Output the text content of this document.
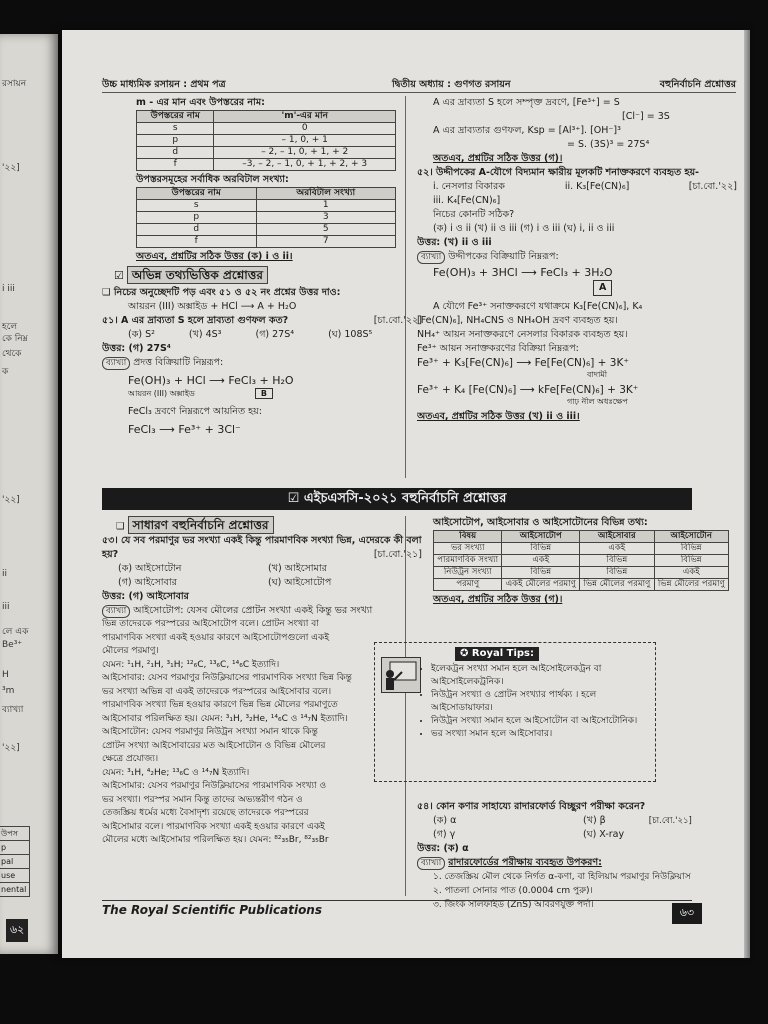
রসায়ন
'২২]
i iii
হলে
কে নিম্ন
থেকে
ক
'২২]
ii
iii
লে এক
Be³⁺
H
³m
ব্যাখ্যা
'২২]
উপস
p
pal
use
nental
৬২
উচ্চ মাধ্যমিক রসায়ন : প্রথম পত্র	দ্বিতীয় অধ্যায় : গুণগত রসায়ন	বহুনির্বাচনি প্রশ্নোত্তর
m - এর মান এবং উপস্তরের নাম:
উপস্তরের নাম	'm'-এর মান
s	0
p	– 1, 0, + 1
d	– 2, – 1, 0, + 1, + 2
f	–3, – 2, – 1, 0, + 1, + 2, + 3
উপস্তরসমূহের সর্বাধিক অরবিটাল সংখ্যা:
উপস্তরের নাম	অরবিটাল সংখ্যা
s	1
p	3
d	5
f	7
অতএব, প্রশ্নটির সঠিক উত্তর (ক) i ও ii।
☑ অভিন্ন তথ্যভিত্তিক প্রশ্নোত্তর
❑ নিচের অনুচ্ছেদটি পড় এবং ৫১ ও ৫২ নং প্রশ্নের উত্তর দাও:
আয়রন (III) অক্সাইড + HCl ⟶ A + H₂O
৫১। A এর দ্রাব্যতা S হলে দ্রাব্যতা গুণফল কত?	[চা.বো.'২২]
(ক) S²	(খ) 4S³	(গ) 27S⁴	(ঘ) 108S⁵
উত্তর: (গ) 27S⁴
ব্যাখ্যা প্রদত্ত বিক্রিয়াটি নিম্নরূপ:
Fe(OH)₃ + HCl ⟶ FeCl₃ + H₂O
আয়রন (III) অক্সাইড	B
FeCl₃ দ্রবণে নিম্নরূপে আয়নিত হয়:
FeCl₃ ⟶ Fe³⁺ + 3Cl⁻
A এর দ্রাব্যতা S হলে সম্পৃক্ত দ্রবণে, [Fe³⁺] = S
[Cl⁻] = 3S
A এর দ্রাব্যতার গুণফল, Ksp = [Al³⁺]. [OH⁻]³
= S. (3S)³ = 27S⁴
অতএব, প্রশ্নটির সঠিক উত্তর (গ)।
৫২। উদ্দীপকের A-যৌগে বিদ্যমান ক্ষারীয় মূলকটি শনাক্তকরণে ব্যবহৃত হয়-
[চা.বো.'২২]
i. নেসলার বিকারক	ii. K₃[Fe(CN)₆]
iii. K₄[Fe(CN)₆]
নিচের কোনটি সঠিক?
(ক) i ও ii (খ) ii ও iii (গ) i ও iii (ঘ) i, ii ও iii
উত্তর: (খ) ii ও iii
ব্যাখ্যা উদ্দীপকের বিক্রিয়াটি নিম্নরূপ:
Fe(OH)₃ + 3HCl ⟶ FeCl₃ + 3H₂O
A
A যৌগে Fe³⁺ সনাক্তকরণে যথাক্রমে K₃[Fe(CN)₆], K₄
[Fe(CN)₆], NH₄CNS ও NH₄OH দ্রবণ ব্যবহৃত হয়।
NH₄⁺ আয়ন সনাক্তকরণে নেসলার বিকারক ব্যবহৃত হয়।
Fe³⁺ আয়ন সনাক্তকরণের বিক্রিয়া নিম্নরূপ:
Fe³⁺ + K₃[Fe(CN)₆] ⟶ Fe[Fe(CN)₆] + 3K⁺
বাদামী
Fe³⁺ + K₄ [Fe(CN)₆] ⟶ kFe[Fe(CN)₆] + 3K⁺
গাঢ় নীল অধঃক্ষেপ
অতএব, প্রশ্নটির সঠিক উত্তর (খ) ii ও iii।
☑ এইচএসসি-২০২১ বহুনির্বাচনি প্রশ্নোত্তর
❑ সাধারণ বহুনির্বাচনি প্রশ্নোত্তর
৫৩। যে সব পরমাণুর ভর সংখ্যা একই কিন্তু পারমাণবিক সংখ্যা ভিন্ন, এদেরকে কী বলা হয়?	[চা.বো.'২১]
(ক) আইসোটোন	(খ) আইসোমার
(গ) আইসোবার	(ঘ) আইসোটোপ
উত্তর: (গ) আইসোবার
ব্যাখ্যা আইসোটোপ: যেসব মৌলের প্রোটন সংখ্যা একই কিন্তু ভর সংখ্যা
ভিন্ন তাদেরকে পরস্পরের আইসোটোপ বলে। প্রোটন সংখ্যা বা
পারমাণবিক সংখ্যা একই হওয়ার কারণে আইসোটোপগুলো একই
মৌলের পরমাণু।
যেমন: ¹₁H, ²₁H, ³₁H; ¹²₆C, ¹³₆C, ¹⁴₆C ইত্যাদি।
আইসোবার: যেসব পরমাণুর নিউক্লিয়াসের পারমাণবিক সংখ্যা ভিন্ন কিন্তু
ভর সংখ্যা অভিন্ন বা একই তাদেরকে পরস্পরের আইসোবার বলে।
পারমাণবিক সংখ্যা ভিন্ন হওয়ার কারণে ভিন্ন ভিন্ন মৌলের পরমাণুতে
আইসোবার পরিলক্ষিত হয়। যেমন: ³₁H, ³₂He, ¹⁴₆C ও ¹⁴₇N ইত্যাদি।
আইসোটোন: যেসব পরমাণুর নিউট্রন সংখ্যা সমান থাকে কিন্তু
প্রোটন সংখ্যা আইসোবারের মত আইসোটোন ও বিভিন্ন মৌলের
ক্ষেত্রে প্রযোজ্য।
যেমন: ³₁H, ⁴₂He; ¹³₆C ও ¹⁴₇N ইত্যাদি।
আইসোমার: যেসব পরমাণুর নিউক্লিয়াসের পারমাণবিক সংখ্যা ও
ভর সংখ্যা। পরস্পর সমান কিন্তু তাদের অভ্যন্তরীণ গঠন ও
তেজস্ক্রিয় ধর্মের মধ্যে বৈসাদৃশ্য রয়েছে তাদেরকে পরস্পরের
আইসোমার বলে। পারমাণবিক সংখ্যা একই হওয়ার কারণে একই
মৌলের মধ্যে আইসোমার পরিলক্ষিত হয়। যেমন: ⁸²₃₅Br, ⁸²₃₅Br
আইসোটোপ, আইসোবার ও আইসোটোনের বিভিন্ন তথ্য:
বিষয়	আইসোটোপ	আইসোবার	আইসোটোন
ভর সংখ্যা	বিভিন্ন	একই	বিভিন্ন
পারমাণবিক সংখ্যা	একই	বিভিন্ন	বিভিন্ন
নিউট্রন সংখ্যা	বিভিন্ন	বিভিন্ন	একই
পরমাণু	একই মৌলের পরমাণু	ভিন্ন মৌলের পরমাণু	ভিন্ন মৌলের পরমাণু
অতএব, প্রশ্নটির সঠিক উত্তর (গ)।
✪ Royal Tips:
• ইলেকট্রন সংখ্যা সমান হলে আইসোইলেকট্রন বা আইসোইলেকট্রনিক।
• নিউট্রন সংখ্যা ও প্রোটন সংখ্যার পার্থক্য । হলে আইসোডায়াফার।
• নিউট্রন সংখ্যা সমান হলে আইসোটোন বা আইসোটোনিক।
• ভর সংখ্যা সমান হলে আইসোবার।
৫৪। কোন কণার সাহায্যে রাদারফোর্ড বিচ্ছুরণ পরীক্ষা করেন?
(ক) α	(খ) β	[চা.বো.'২১]
(গ) γ	(ঘ) X-ray
উত্তর: (ক) α
ব্যাখ্যা রাদারফোর্ডের পরীক্ষায় ব্যবহৃত উপকরণ:
১. তেজস্ক্রিয় মৌল থেকে নির্গত α-কণা, বা হিলিয়াম পরমাণুর নিউক্লিয়াস
২. পাতলা সোনার পাত (0.0004 cm পুরু)।
৩. জিংক সালফাইড (ZnS) আবরণযুক্ত পর্দা।
The Royal Scientific Publications	৬৩
